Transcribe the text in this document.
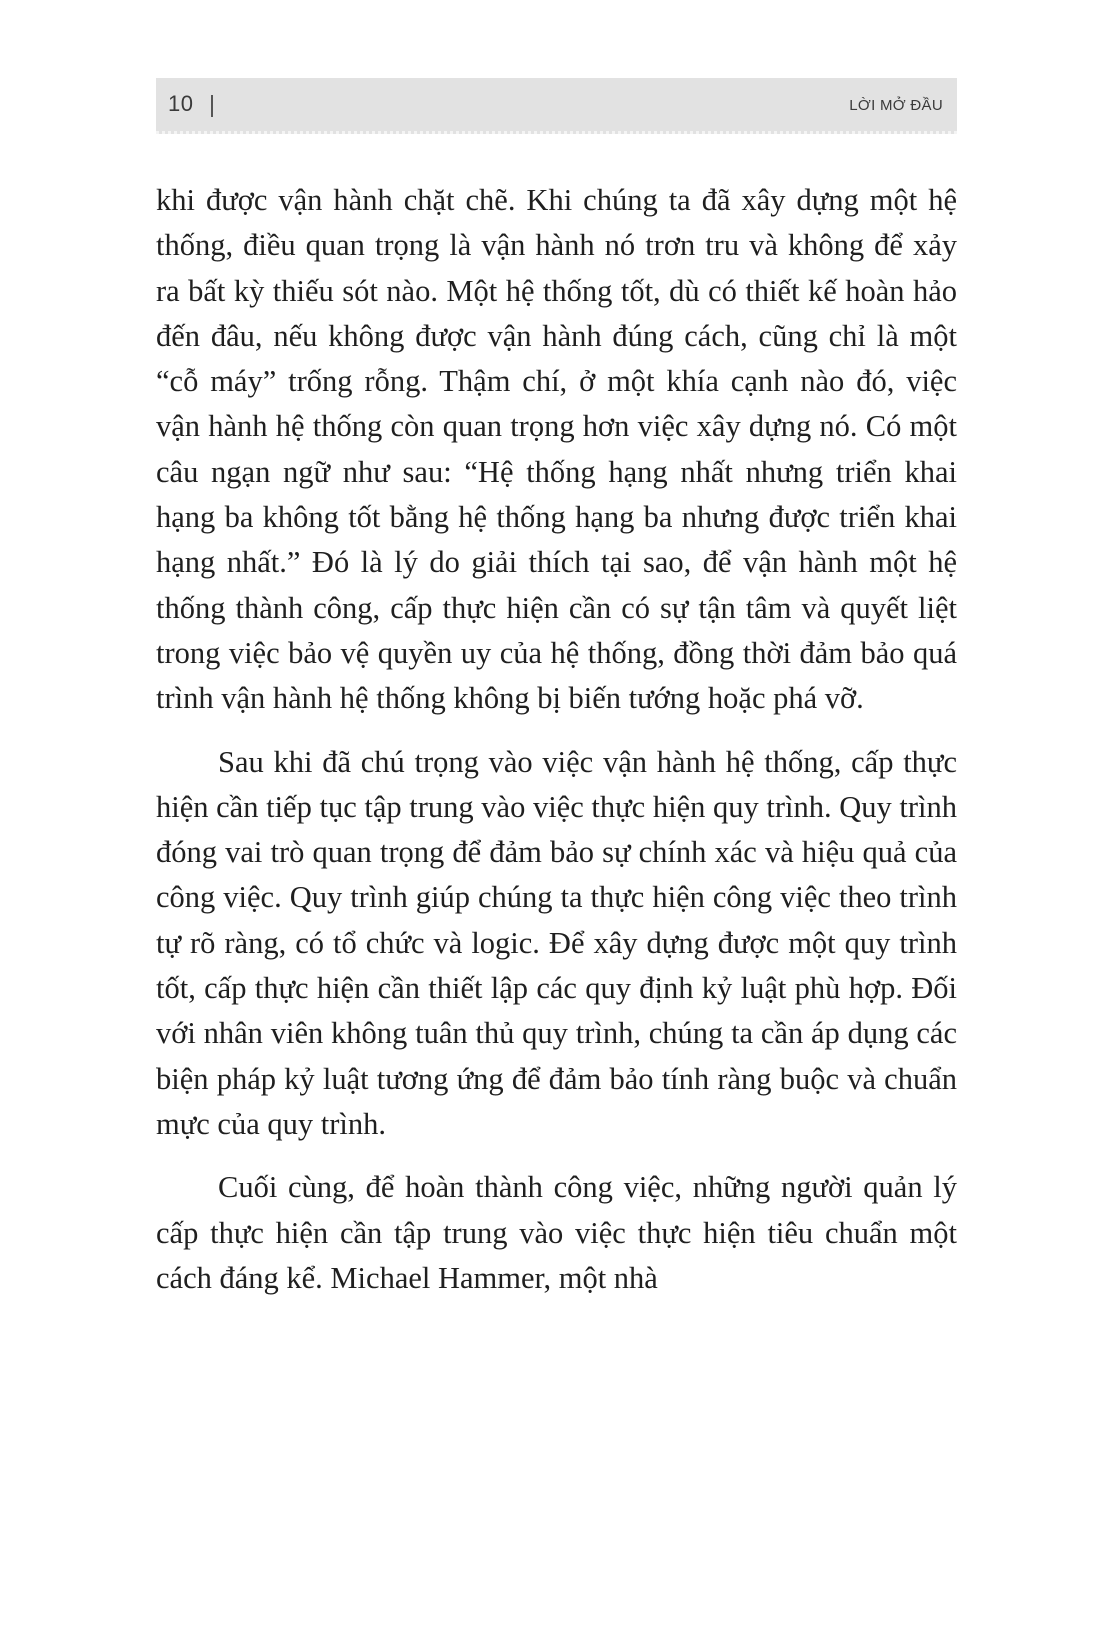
10	LỜI MỞ ĐẦU

khi được vận hành chặt chẽ. Khi chúng ta đã xây dựng một hệ thống, điều quan trọng là vận hành nó trơn tru và không để xảy ra bất kỳ thiếu sót nào. Một hệ thống tốt, dù có thiết kế hoàn hảo đến đâu, nếu không được vận hành đúng cách, cũng chỉ là một “cỗ máy” trống rỗng. Thậm chí, ở một khía cạnh nào đó, việc vận hành hệ thống còn quan trọng hơn việc xây dựng nó. Có một câu ngạn ngữ như sau: “Hệ thống hạng nhất nhưng triển khai hạng ba không tốt bằng hệ thống hạng ba nhưng được triển khai hạng nhất.” Đó là lý do giải thích tại sao, để vận hành một hệ thống thành công, cấp thực hiện cần có sự tận tâm và quyết liệt trong việc bảo vệ quyền uy của hệ thống, đồng thời đảm bảo quá trình vận hành hệ thống không bị biến tướng hoặc phá vỡ.

Sau khi đã chú trọng vào việc vận hành hệ thống, cấp thực hiện cần tiếp tục tập trung vào việc thực hiện quy trình. Quy trình đóng vai trò quan trọng để đảm bảo sự chính xác và hiệu quả của công việc. Quy trình giúp chúng ta thực hiện công việc theo trình tự rõ ràng, có tổ chức và logic. Để xây dựng được một quy trình tốt, cấp thực hiện cần thiết lập các quy định kỷ luật phù hợp. Đối với nhân viên không tuân thủ quy trình, chúng ta cần áp dụng các biện pháp kỷ luật tương ứng để đảm bảo tính ràng buộc và chuẩn mực của quy trình.

Cuối cùng, để hoàn thành công việc, những người quản lý cấp thực hiện cần tập trung vào việc thực hiện tiêu chuẩn một cách đáng kể. Michael Hammer, một nhà
